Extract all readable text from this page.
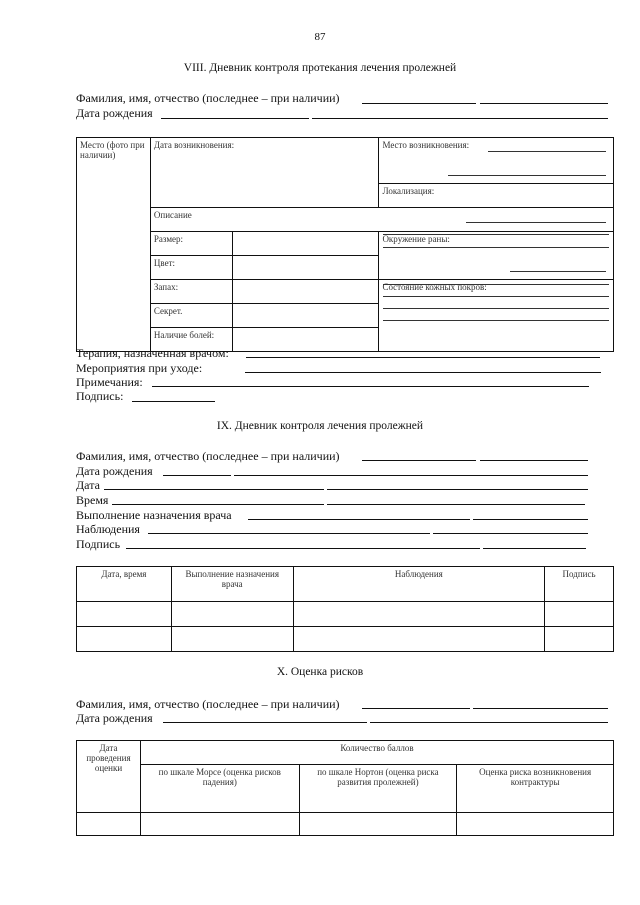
87
VIII. Дневник контроля протекания лечения пролежней
Фамилия, имя, отчество (последнее – при наличии)
Дата рождения
Место (фото при наличии)	Дата возникновения:		Место возникновения:
			Локализация:
	Описание		
	Размер:		Окружение раны:
	Цвет:		
	Запах:		Состояние кожных покров:
	Секрет.		
	Наличие болей:		
Терапия, назначенная врачом:
Мероприятия при уходе:
Примечания:
Подпись:
IX. Дневник контроля лечения пролежней
Фамилия, имя, отчество (последнее – при наличии)
Дата рождения
Дата
Время
Выполнение назначения врача
Наблюдения
Подпись
Дата, время	Выполнение назначения врача	Наблюдения	Подпись

X. Оценка рисков
Фамилия, имя, отчество (последнее – при наличии)
Дата рождения
Дата проведения оценки	Количество баллов		
	по шкале Морсе (оценка рисков падения)	по шкале Нортон (оценка риска развития пролежней)	Оценка риска возникновения контрактуры
